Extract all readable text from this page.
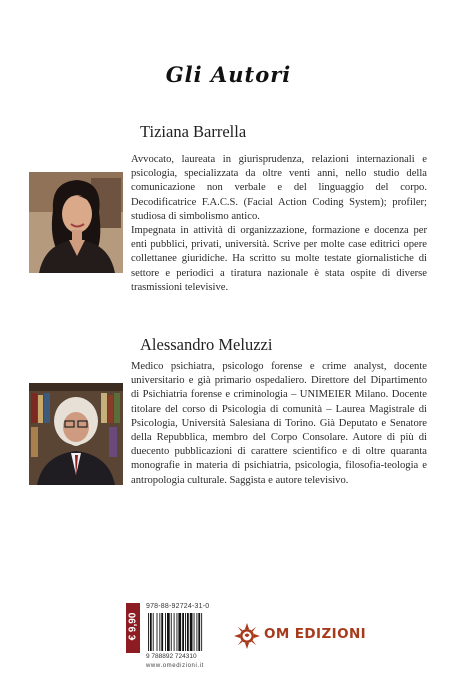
Gli Autori
Tiziana Barrella

Avvocato, laureata in giurisprudenza, relazioni internazionali e psicologia, specializzata da oltre venti anni, nello studio della comunicazione non verbale e del linguaggio del corpo. Decodificatrice F.A.C.S. (Facial Action Coding System); profiler; studiosa di simbolismo antico.

Impegnata in attività di organizzazione, formazione e docenza per enti pubblici, privati, università. Scrive per molte case editrici opere collettanee giuridiche. Ha scritto su molte testate giornalistiche di settore e periodici a tiratura nazionale è stata ospite di diverse trasmissioni televisive.

Alessandro Meluzzi

Medico psichiatra, psicologo forense e crime analyst, docente universitario e già primario ospedaliero. Direttore del Dipartimento di Psichiatria forense e criminologia – UNIMEIER Milano. Docente titolare del corso di Psicologia di comunità – Laurea Magistrale di Psicologia, Università Salesiana di Torino. Già Deputato e Senatore della Repubblica, membro del Corpo Consolare. Autore di più di duecento pubblicazioni di carattere scientifico e di oltre quaranta monografie in materia di psichiatria, psicologia, filosofia-teologia e antropologia culturale. Saggista e autore televisivo.

€ 9,90
978-88-92724-31-0
9 788892 724310
www.omedizioni.it
OM EDIZIONI
